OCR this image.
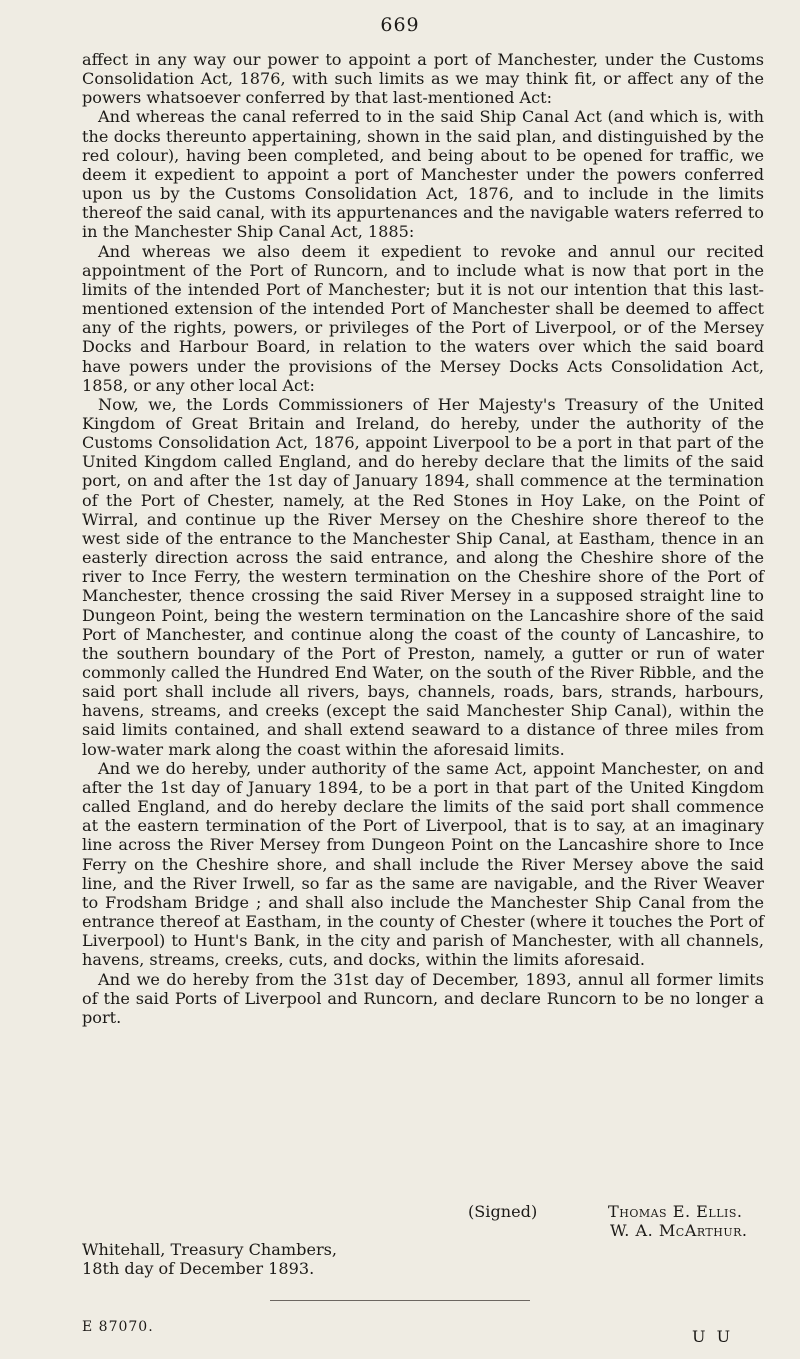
669

affect in any way our power to appoint a port of Manchester, under the Customs Consolidation Act, 1876, with such limits as we may think fit, or affect any of the powers whatsoever conferred by that last-mentioned Act:

And whereas the canal referred to in the said Ship Canal Act (and which is, with the docks thereunto appertaining, shown in the said plan, and distinguished by the red colour), having been completed, and being about to be opened for traffic, we deem it expedient to appoint a port of Manchester under the powers conferred upon us by the Customs Consolidation Act, 1876, and to include in the limits thereof the said canal, with its appurtenances and the navigable waters referred to in the Manchester Ship Canal Act, 1885:

And whereas we also deem it expedient to revoke and annul our recited appointment of the Port of Runcorn, and to include what is now that port in the limits of the intended Port of Manchester; but it is not our intention that this last-mentioned extension of the intended Port of Manchester shall be deemed to affect any of the rights, powers, or privileges of the Port of Liverpool, or of the Mersey Docks and Harbour Board, in relation to the waters over which the said board have powers under the provisions of the Mersey Docks Acts Consolidation Act, 1858, or any other local Act:

Now, we, the Lords Commissioners of Her Majesty's Treasury of the United Kingdom of Great Britain and Ireland, do hereby, under the authority of the Customs Consolidation Act, 1876, appoint Liverpool to be a port in that part of the United Kingdom called England, and do hereby declare that the limits of the said port, on and after the 1st day of January 1894, shall commence at the termination of the Port of Chester, namely, at the Red Stones in Hoy Lake, on the Point of Wirral, and continue up the River Mersey on the Cheshire shore thereof to the west side of the entrance to the Manchester Ship Canal, at Eastham, thence in an easterly direction across the said entrance, and along the Cheshire shore of the river to Ince Ferry, the western termination on the Cheshire shore of the Port of Manchester, thence crossing the said River Mersey in a supposed straight line to Dungeon Point, being the western termination on the Lancashire shore of the said Port of Manchester, and continue along the coast of the county of Lancashire, to the southern boundary of the Port of Preston, namely, a gutter or run of water commonly called the Hundred End Water, on the south of the River Ribble, and the said port shall include all rivers, bays, channels, roads, bars, strands, harbours, havens, streams, and creeks (except the said Manchester Ship Canal), within the said limits contained, and shall extend seaward to a distance of three miles from low-water mark along the coast within the aforesaid limits.

And we do hereby, under authority of the same Act, appoint Manchester, on and after the 1st day of January 1894, to be a port in that part of the United Kingdom called England, and do hereby declare the limits of the said port shall commence at the eastern termination of the Port of Liverpool, that is to say, at an imaginary line across the River Mersey from Dungeon Point on the Lancashire shore to Ince Ferry on the Cheshire shore, and shall include the River Mersey above the said line, and the River Irwell, so far as the same are navigable, and the River Weaver to Frodsham Bridge ; and shall also include the Manchester Ship Canal from the entrance thereof at Eastham, in the county of Chester (where it touches the Port of Liverpool) to Hunt's Bank, in the city and parish of Manchester, with all channels, havens, streams, creeks, cuts, and docks, within the limits aforesaid.

And we do hereby from the 31st day of December, 1893, annul all former limits of the said Ports of Liverpool and Runcorn, and declare Runcorn to be no longer a port.

(Signed)	Thomas E. Ellis.
W. A. McArthur.
Whitehall, Treasury Chambers,
18th day of December 1893.
E 87070.	U U
